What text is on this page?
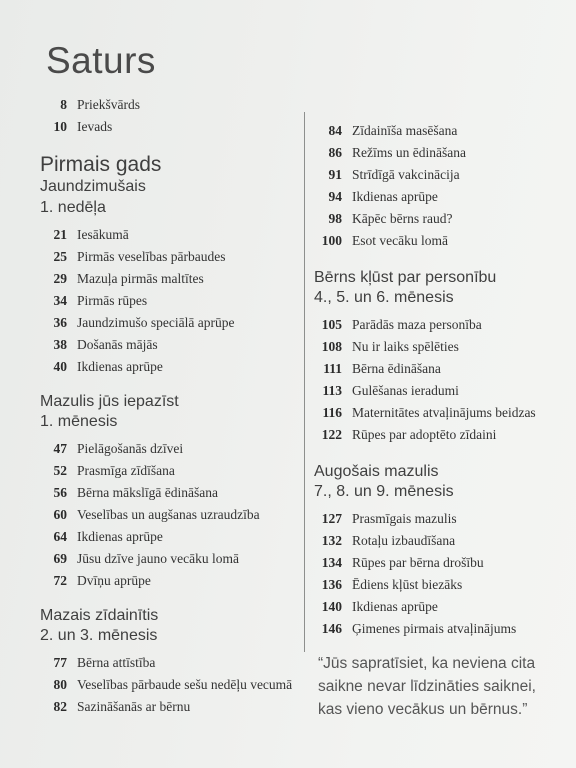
Saturs
8 Priekšvārds
10 Ievads
Pirmais gads
Jaundzimušais
1. nedēļa
21 Iesākumā
25 Pirmās veselības pārbaudes
29 Mazuļa pirmās maltītes
34 Pirmās rūpes
36 Jaundzimušo speciālā aprūpe
38 Došanās mājās
40 Ikdienas aprūpe
Mazulis jūs iepazīst
1. mēnesis
47 Pielāgošanās dzīvei
52 Prasmīga zīdīšana
56 Bērna mākslīgā ēdināšana
60 Veselības un augšanas uzraudzība
64 Ikdienas aprūpe
69 Jūsu dzīve jauno vecāku lomā
72 Dvīņu aprūpe
Mazais zīdainītis
2. un 3. mēnesis
77 Bērna attīstība
80 Veselības pārbaude sešu nedēļu vecumā
82 Sazināšanās ar bērnu
84 Zīdainīša masēšana
86 Režīms un ēdināšana
91 Strīdīgā vakcinācija
94 Ikdienas aprūpe
98 Kāpēc bērns raud?
100 Esot vecāku lomā
Bērns kļūst par personību
4., 5. un 6. mēnesis
105 Parādās maza personība
108 Nu ir laiks spēlēties
111 Bērna ēdināšana
113 Gulēšanas ieradumi
116 Maternitātes atvaļinājums beidzas
122 Rūpes par adoptēto zīdaini
Augošais mazulis
7., 8. un 9. mēnesis
127 Prasmīgais mazulis
132 Rotaļu izbaudīšana
134 Rūpes par bērna drošību
136 Ēdiens kļūst biezāks
140 Ikdienas aprūpe
146 Ģimenes pirmais atvaļinājums
“Jūs sapratīsiet, ka neviena cita
saikne nevar līdzināties saiknei,
kas vieno vecākus un bērnus.”
